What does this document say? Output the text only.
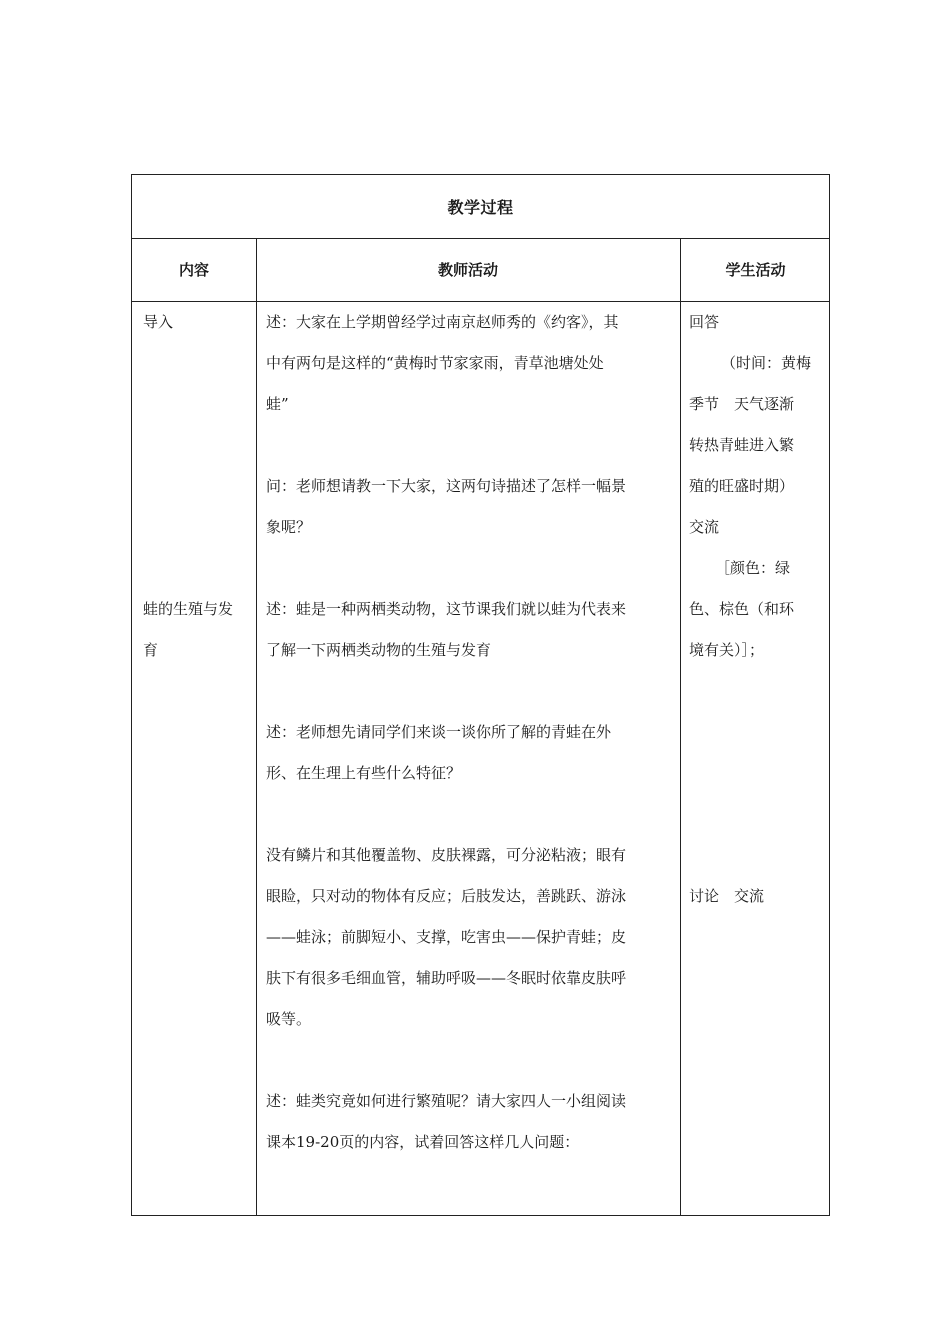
教学过程
内容	教师活动	学生活动

导入

蛙的生殖与发

育

述：大家在上学期曾经学过南京赵师秀的《约客》，其

中有两句是这样的“黄梅时节家家雨，青草池塘处处

蛙”

问：老师想请教一下大家，这两句诗描述了怎样一幅景

象呢？

述：蛙是一种两栖类动物，这节课我们就以蛙为代表来

了解一下两栖类动物的生殖与发育

述：老师想先请同学们来谈一谈你所了解的青蛙在外

形、在生理上有些什么特征？

没有鳞片和其他覆盖物、皮肤裸露，可分泌粘液；眼有

眼睑，只对动的物体有反应；后肢发达，善跳跃、游泳

——蛙泳；前脚短小、支撑，吃害虫——保护青蛙；皮

肤下有很多毛细血管，辅助呼吸——冬眠时依靠皮肤呼

吸等。

述：蛙类究竟如何进行繁殖呢？请大家四人一小组阅读

课本19-20页的内容，试着回答这样几人问题：

回答

（时间：黄梅

季节　天气逐渐

转热青蛙进入繁

殖的旺盛时期）

交流

［颜色：绿

色、棕色（和环

境有关）］；

讨论　交流
